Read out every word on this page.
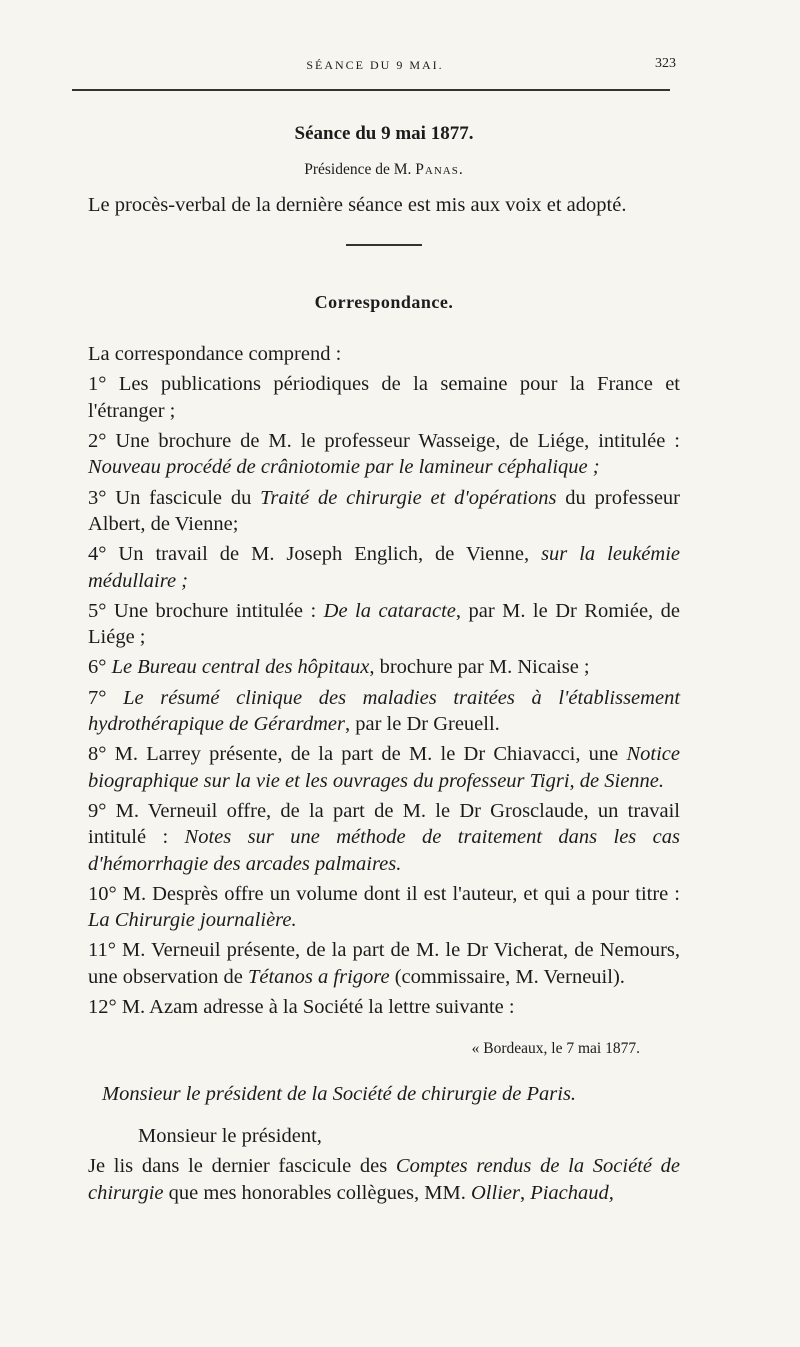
SÉANCE DU 9 MAI.	323

Séance du 9 mai 1877.

Présidence de M. Panas.

Le procès-verbal de la dernière séance est mis aux voix et adopté.

Correspondance.

La correspondance comprend :

1° Les publications périodiques de la semaine pour la France et l'étranger ;

2° Une brochure de M. le professeur Wasseige, de Liége, intitulée : Nouveau procédé de crâniotomie par le lamineur céphalique ;

3° Un fascicule du Traité de chirurgie et d'opérations du professeur Albert, de Vienne;

4° Un travail de M. Joseph Englich, de Vienne, sur la leukémie médullaire ;

5° Une brochure intitulée : De la cataracte, par M. le Dr Romiée, de Liége ;

6° Le Bureau central des hôpitaux, brochure par M. Nicaise ;

7° Le résumé clinique des maladies traitées à l'établissement hydrothérapique de Gérardmer, par le Dr Greuell.

8° M. Larrey présente, de la part de M. le Dr Chiavacci, une Notice biographique sur la vie et les ouvrages du professeur Tigri, de Sienne.

9° M. Verneuil offre, de la part de M. le Dr Grosclaude, un travail intitulé : Notes sur une méthode de traitement dans les cas d'hémorrhagie des arcades palmaires.

10° M. Desprès offre un volume dont il est l'auteur, et qui a pour titre : La Chirurgie journalière.

11° M. Verneuil présente, de la part de M. le Dr Vicherat, de Nemours, une observation de Tétanos a frigore (commissaire, M. Verneuil).

12° M. Azam adresse à la Société la lettre suivante :

« Bordeaux, le 7 mai 1877.

Monsieur le président de la Société de chirurgie de Paris.

Monsieur le président,

Je lis dans le dernier fascicule des Comptes rendus de la Société de chirurgie que mes honorables collègues, MM. Ollier, Piachaud,
